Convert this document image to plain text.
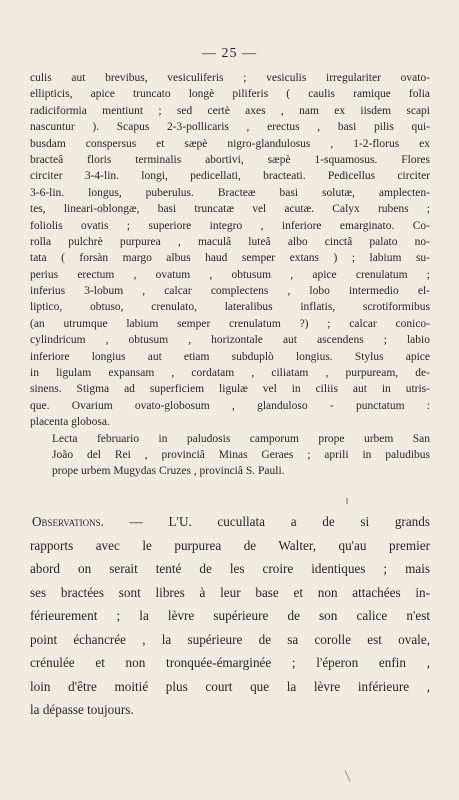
— 25 —
culis aut brevibus, vesiculiferis ; vesiculis irregulariter ovato-
ellipticis, apice truncato longè piliferis ( caulis ramique folia
radiciformia mentiunt ; sed certè axes , nam ex iisdem scapi
nascuntur ). Scapus 2-3-pollicaris , erectus , basi pilis qui-
busdam conspersus et sæpè nigro-glandulosus , 1-2-florus ex
bracteâ floris terminalis abortivi, sæpè 1-squamosus. Flores
circiter 3-4-lin. longi, pedicellati, bracteati. Pedicellus circiter
3-6-lin. longus, puberulus. Bracteæ basi solutæ, amplecten-
tes, lineari-oblongæ, basi truncatæ vel acutæ. Calyx rubens ;
foliolis ovatis ; superiore integro , inferiore emarginato. Co-
rolla pulchrè purpurea , maculâ luteâ albo cinctâ palato no-
tata ( forsàn margo albus haud semper extans ) ; labium su-
perius erectum , ovatum , obtusum , apice crenulatum ;
inferius 3-lobum , calcar complectens , lobo intermedio el-
liptico, obtuso, crenulato, lateralibus inflatis, scrotiformibus
(an utrumque labium semper crenulatum ?) ; calcar conico-
cylindricum , obtusum , horizontale aut ascendens ; labio
inferiore longius aut etiam subduplò longius. Stylus apice
in ligulam expansam , cordatam , ciliatam , purpuream, de-
sinens. Stigma ad superficiem ligulæ vel in ciliis aut in utris-
que. Ovarium ovato-globosum , glanduloso - punctatum :
placenta globosa.
Lecta februario in paludosis camporum prope urbem San
João del Rei , provinciâ Minas Geraes ; aprili in paludibus
prope urbem Mugydas Cruzes , provinciâ S. Pauli.
Observations. — L'U. cucullata a de si grands
rapports avec le purpurea de Walter, qu'au premier
abord on serait tenté de les croire identiques ; mais
ses bractées sont libres à leur base et non attachées in-
férieurement ; la lèvre supérieure de son calice n'est
point échancrée , la supérieure de sa corolle est ovale,
crénulée et non tronquée-émarginée ; l'éperon enfin ,
loin d'être moitié plus court que la lèvre inférieure ,
la dépasse toujours.
